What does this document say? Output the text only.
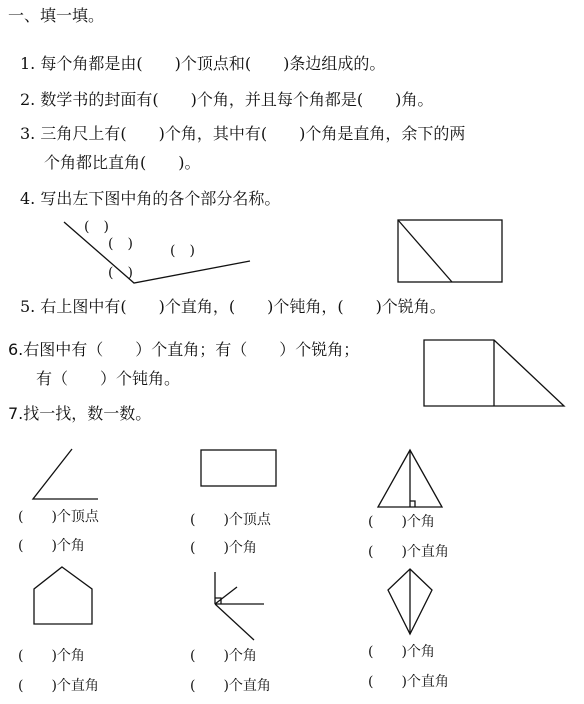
一、填一填。
1. 每个角都是由(　　)个顶点和(　　)条边组成的。
2. 数学书的封面有(　　)个角，并且每个角都是(　　)角。
3. 三角尺上有(　　)个角，其中有(　　)个角是直角，余下的两
个角都比直角(　　)。
4. 写出左下图中角的各个部分名称。
(　)
(　)	(　)
(　)
5. 右上图中有(　　)个直角，(　　)个钝角，(　　)个锐角。
6.右图中有（　　）个直角；有（　　）个锐角；
有（　　）个钝角。
7.找一找，数一数。
(　　)个顶点
(　　)个角
(　　)个顶点
(　　)个角
(　　)个角
(　　)个直角
(　　)个角
(　　)个直角
(　　)个角
(　　)个直角
(　　)个角
(　　)个直角
